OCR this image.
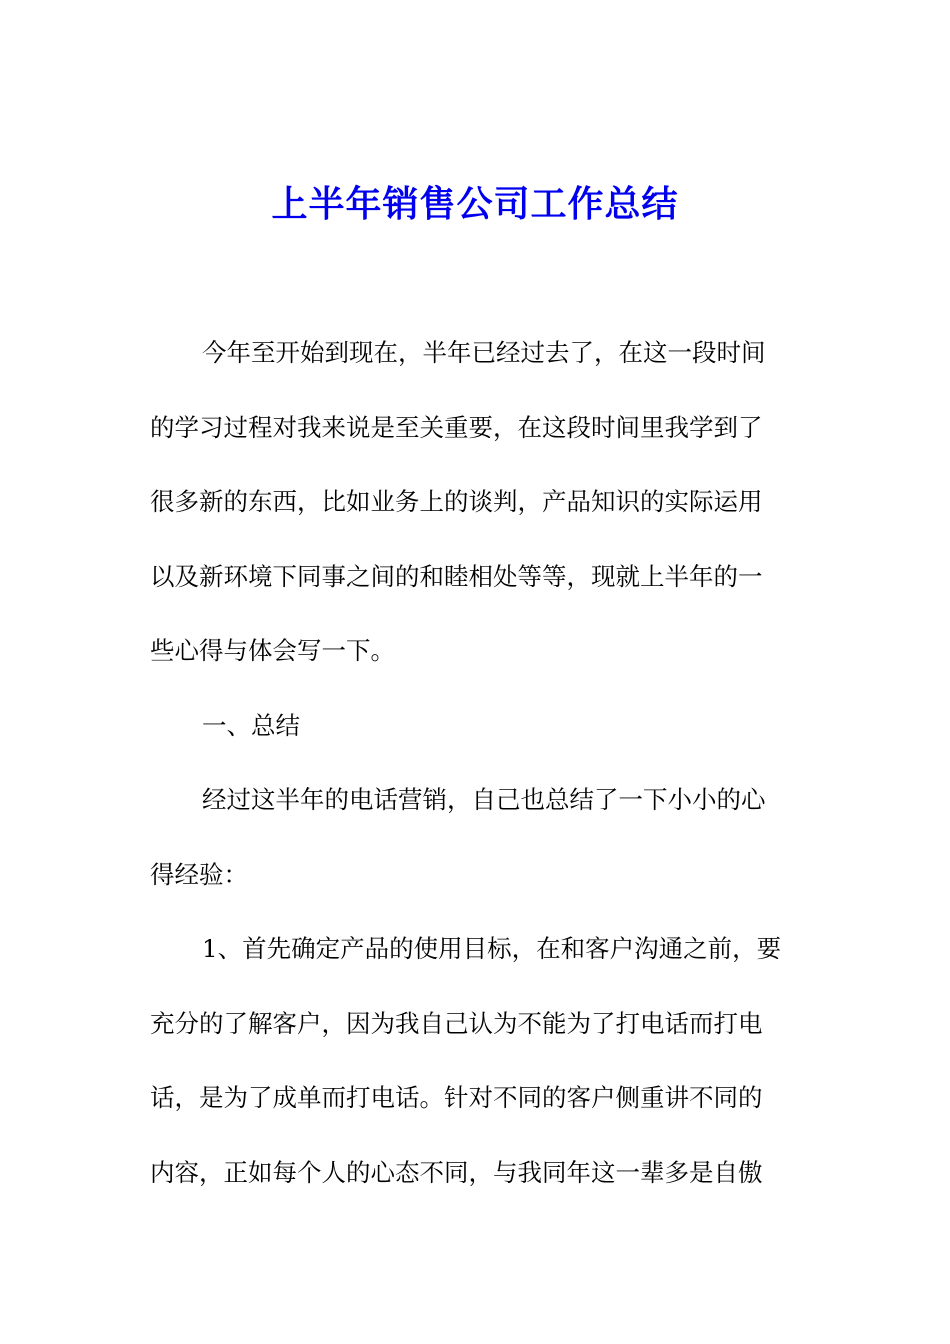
上半年销售公司工作总结
今年至开始到现在，半年已经过去了，在这一段时间
的学习过程对我来说是至关重要，在这段时间里我学到了
很多新的东西，比如业务上的谈判，产品知识的实际运用
以及新环境下同事之间的和睦相处等等，现就上半年的一
些心得与体会写一下。
一、总结
经过这半年的电话营销，自己也总结了一下小小的心
得经验：
1、首先确定产品的使用目标，在和客户沟通之前，要
充分的了解客户，因为我自己认为不能为了打电话而打电
话，是为了成单而打电话。针对不同的客户侧重讲不同的
内容，正如每个人的心态不同，与我同年这一辈多是自傲
